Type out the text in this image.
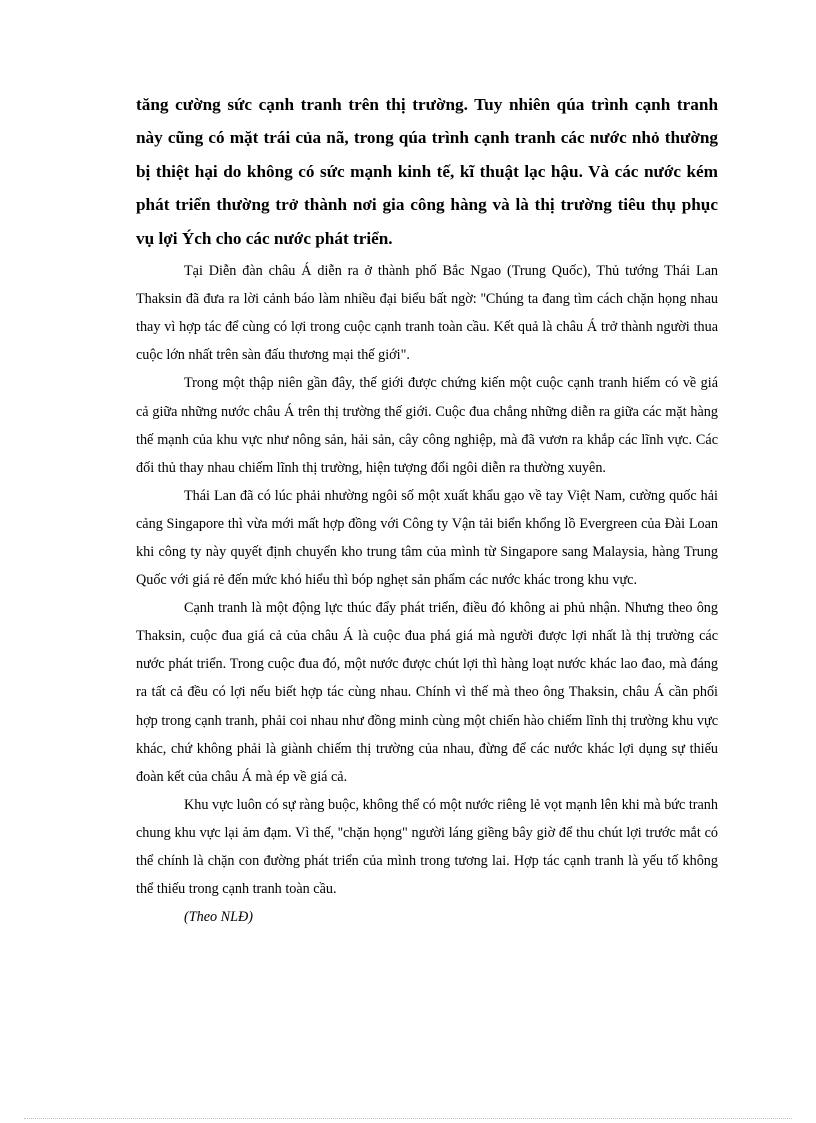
tăng cường sức cạnh tranh trên thị trường. Tuy nhiên qúa trình cạnh tranh này cũng có mặt trái của nã, trong qúa trình cạnh tranh các nước nhỏ thường bị thiệt hại do không có sức mạnh kinh tế, kĩ thuật lạc hậu. Và các nước kém phát triển thường trở thành nơi gia công hàng và là thị trường tiêu thụ phục vụ lợi Ých cho các nước phát triển.

Tại Diễn đàn châu Á diễn ra ở thành phố Bắc Ngao (Trung Quốc), Thủ tướng Thái Lan Thaksin đã đưa ra lời cảnh báo làm nhiều đại biểu bất ngờ: ''Chúng ta đang tìm cách chặn họng nhau thay vì hợp tác để cùng có lợi trong cuộc cạnh tranh toàn cầu. Kết quả là châu Á trở thành người thua cuộc lớn nhất trên sàn đấu thương mại thế giới".

Trong một thập niên gần đây, thế giới được chứng kiến một cuộc cạnh tranh hiếm có về giá cả giữa những nước châu Á trên thị trường thế giới. Cuộc đua chẳng những diễn ra giữa các mặt hàng thế mạnh của khu vực như nông sản, hải sản, cây công nghiệp, mà đã vươn ra khắp các lĩnh vực. Các đối thủ thay nhau chiếm lĩnh thị trường, hiện tượng đổi ngôi diễn ra thường xuyên.

Thái Lan đã có lúc phải nhường ngôi số một xuất khẩu gạo về tay Việt Nam, cường quốc hải cảng Singapore thì vừa mới mất hợp đồng với Công ty Vận tải biển khổng lồ Evergreen của Đài Loan khi công ty này quyết định chuyển kho trung tâm của mình từ Singapore sang Malaysia, hàng Trung Quốc với giá rẻ đến mức khó hiểu thì bóp nghẹt sản phẩm các nước khác trong khu vực.

Cạnh tranh là một động lực thúc đẩy phát triển, điều đó không ai phủ nhận. Nhưng theo ông Thaksin, cuộc đua giá cả của châu Á là cuộc đua phá giá mà người được lợi nhất là thị trường các nước phát triển. Trong cuộc đua đó, một nước được chút lợi thì hàng loạt nước khác lao đao, mà đáng ra tất cả đều có lợi nếu biết hợp tác cùng nhau. Chính vì thế mà theo ông Thaksin, châu Á cần phối hợp trong cạnh tranh, phải coi nhau như đồng minh cùng một chiến hào chiếm lĩnh thị trường khu vực khác, chứ không phải là giành chiếm thị trường của nhau, đừng để các nước khác lợi dụng sự thiếu đoàn kết của châu Á mà ép về giá cả.

Khu vực luôn có sự ràng buộc, không thể có một nước riêng lẻ vọt mạnh lên khi mà bức tranh chung khu vực lại ảm đạm. Vì thế, ''chặn họng" người láng giềng bây giờ để thu chút lợi trước mắt có thể chính là chặn con đường phát triển của mình trong tương lai. Hợp tác cạnh tranh là yếu tố không thể thiếu trong cạnh tranh toàn cầu.

(Theo NLĐ)
